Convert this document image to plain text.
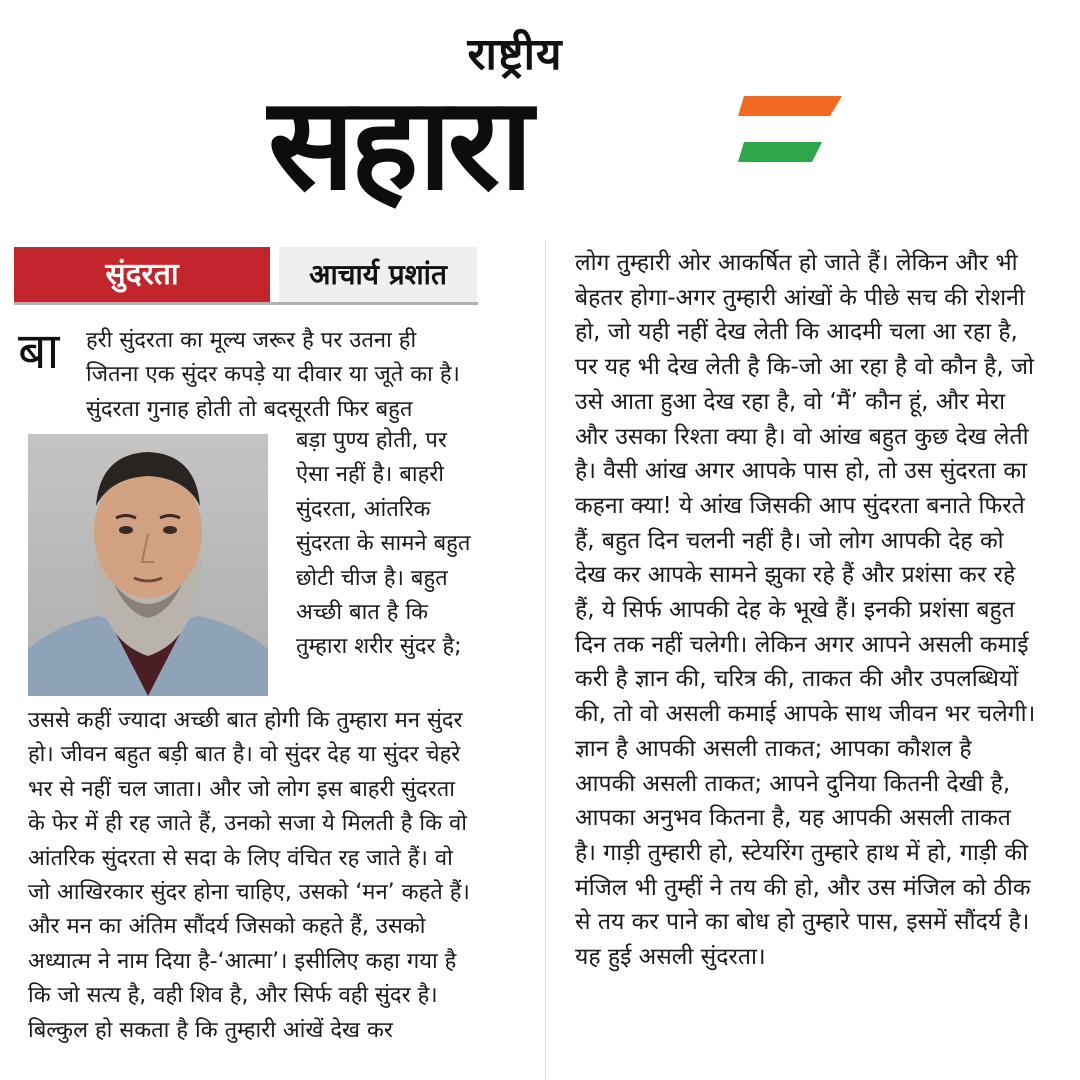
राष्ट्रीय
सहारा
सुंदरता	आचार्य प्रशांत
बा	हरी सुंदरता का मूल्य जरूर है पर उतना ही जितना एक सुंदर कपड़े या दीवार या जूते का है। सुंदरता गुनाह होती तो बदसूरती फिर बहुत
बड़ा पुण्य होती, पर ऐसा नहीं है। बाहरी सुंदरता, आंतरिक सुंदरता के सामने बहुत छोटी चीज है। बहुत अच्छी बात है कि तुम्हारा शरीर सुंदर है;
उससे कहीं ज्यादा अच्छी बात होगी कि तुम्हारा मन सुंदर हो। जीवन बहुत बड़ी बात है। वो सुंदर देह या सुंदर चेहरे भर से नहीं चल जाता। और जो लोग इस बाहरी सुंदरता के फेर में ही रह जाते हैं, उनको सजा ये मिलती है कि वो आंतरिक सुंदरता से सदा के लिए वंचित रह जाते हैं। वो जो आखिरकार सुंदर होना चाहिए, उसको ‘मन’ कहते हैं। और मन का अंतिम सौंदर्य जिसको कहते हैं, उसको अध्यात्म ने नाम दिया है-‘आत्मा’। इसीलिए कहा गया है कि जो सत्य है, वही शिव है, और सिर्फ वही सुंदर है। बिल्कुल हो सकता है कि तुम्हारी आंखें देख कर
लोग तुम्हारी ओर आकर्षित हो जाते हैं। लेकिन और भी बेहतर होगा-अगर तुम्हारी आंखों के पीछे सच की रोशनी हो, जो यही नहीं देख लेती कि आदमी चला आ रहा है, पर यह भी देख लेती है कि-जो आ रहा है वो कौन है, जो उसे आता हुआ देख रहा है, वो ‘मैं’ कौन हूं, और मेरा और उसका रिश्ता क्या है। वो आंख बहुत कुछ देख लेती है। वैसी आंख अगर आपके पास हो, तो उस सुंदरता का कहना क्या! ये आंख जिसकी आप सुंदरता बनाते फिरते हैं, बहुत दिन चलनी नहीं है। जो लोग आपकी देह को देख कर आपके सामने झुका रहे हैं और प्रशंसा कर रहे हैं, ये सिर्फ आपकी देह के भूखे हैं। इनकी प्रशंसा बहुत दिन तक नहीं चलेगी। लेकिन अगर आपने असली कमाई करी है ज्ञान की, चरित्र की, ताकत की और उपलब्धियों की, तो वो असली कमाई आपके साथ जीवन भर चलेगी। ज्ञान है आपकी असली ताकत; आपका कौशल है आपकी असली ताकत; आपने दुनिया कितनी देखी है, आपका अनुभव कितना है, यह आपकी असली ताकत है। गाड़ी तुम्हारी हो, स्टेयरिंग तुम्हारे हाथ में हो, गाड़ी की मंजिल भी तुम्हीं ने तय की हो, और उस मंजिल को ठीक से तय कर पाने का बोध हो तुम्हारे पास, इसमें सौंदर्य है। यह हुई असली सुंदरता।
